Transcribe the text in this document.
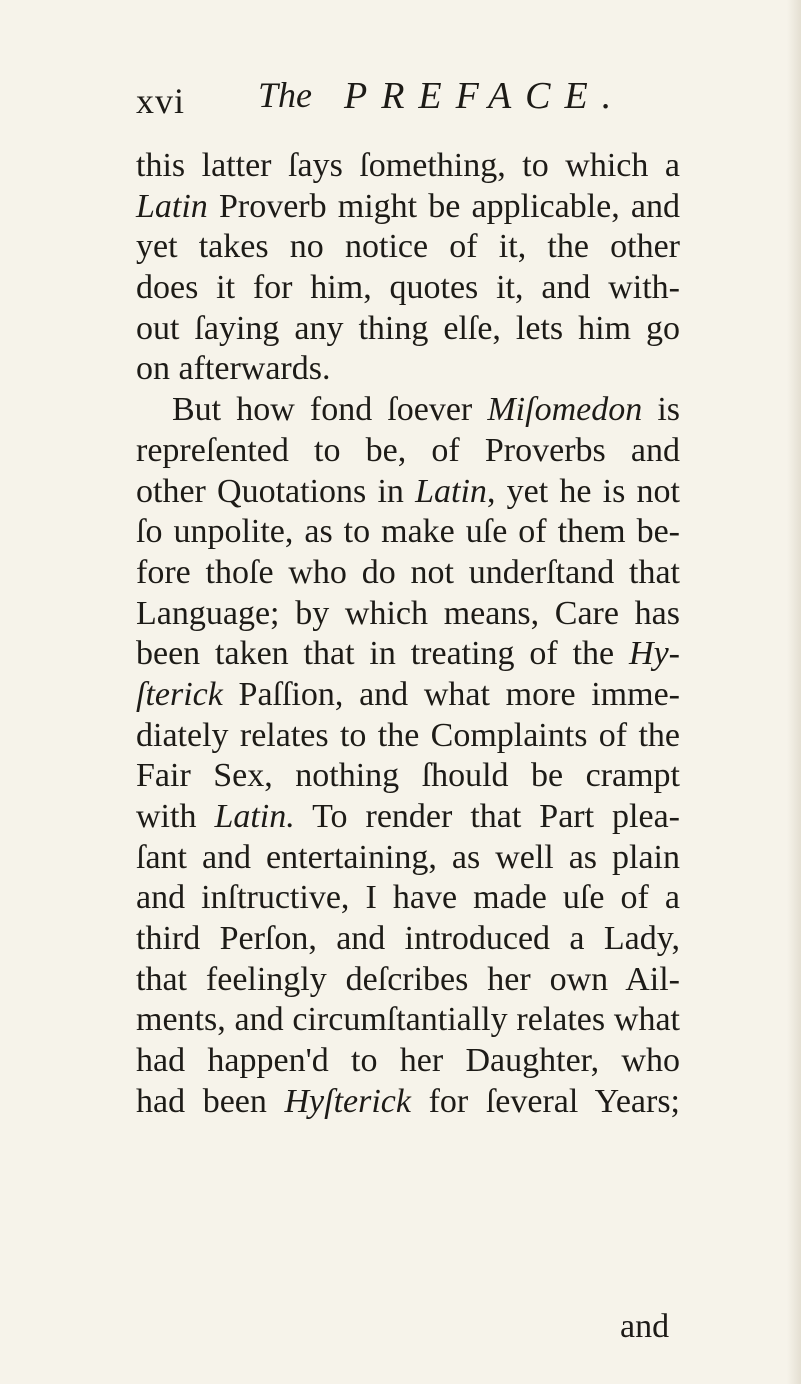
xvi The PREFACE.
this latter ſays ſomething, to which a
Latin Proverb might be applicable, and
yet takes no notice of it, the other
does it for him, quotes it, and with-
out ſaying any thing elſe, lets him go
on afterwards.
But how fond ſoever Miſomedon is
repreſented to be, of Proverbs and
other Quotations in Latin, yet he is not
ſo unpolite, as to make uſe of them be-
fore thoſe who do not underſtand that
Language; by which means, Care has
been taken that in treating of the Hy-
ſterick Paſſion, and what more imme-
diately relates to the Complaints of the
Fair Sex, nothing ſhould be crampt
with Latin. To render that Part plea-
ſant and entertaining, as well as plain
and inſtructive, I have made uſe of a
third Perſon, and introduced a Lady,
that feelingly deſcribes her own Ail-
ments, and circumſtantially relates what
had happen'd to her Daughter, who
had been Hyſterick for ſeveral Years;
and
